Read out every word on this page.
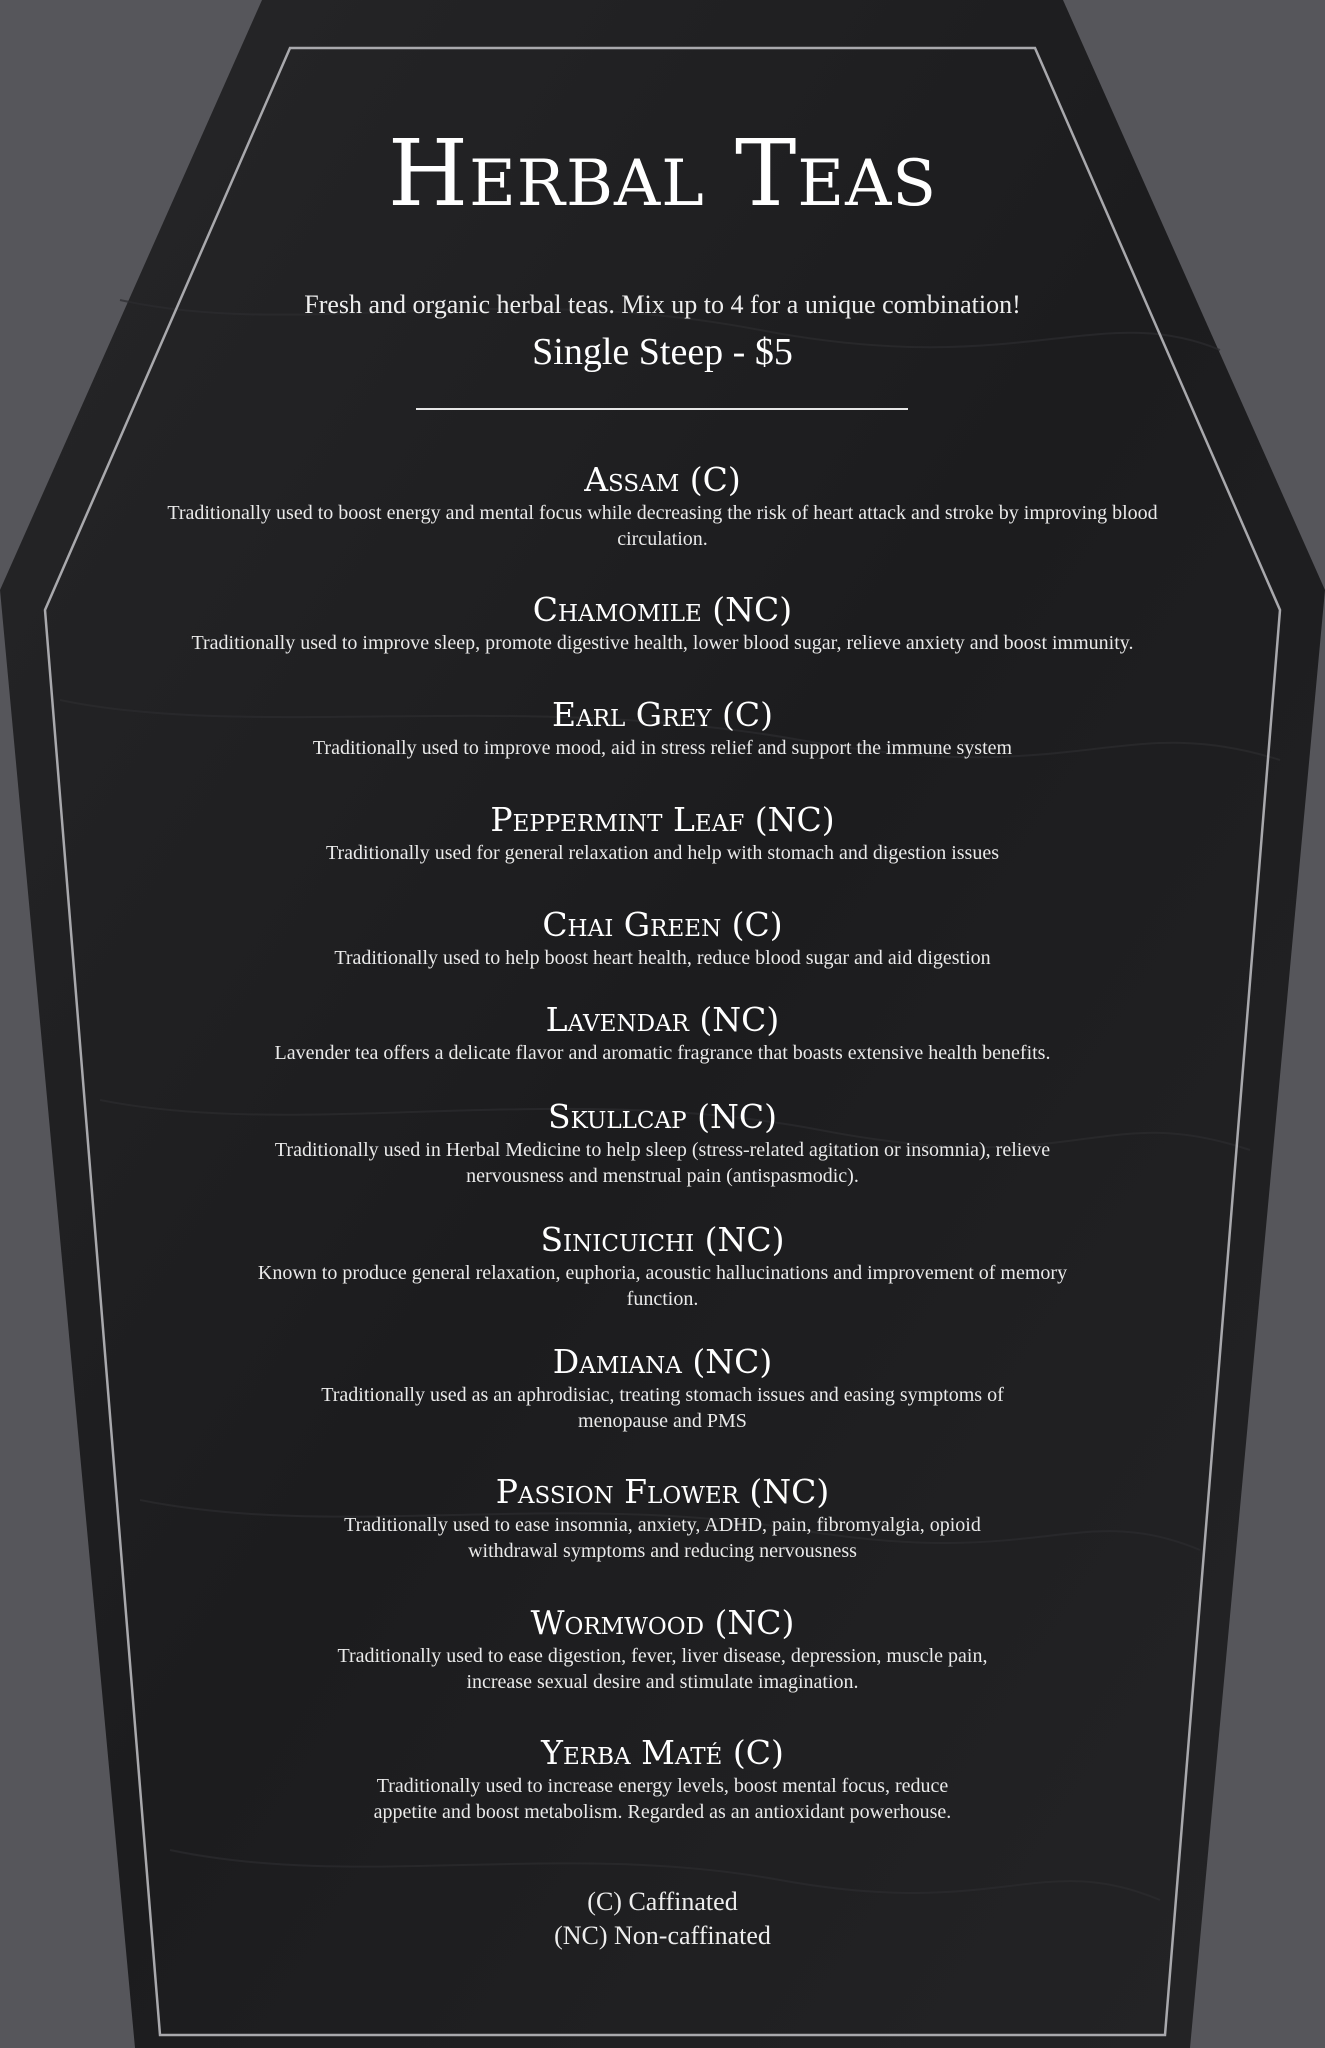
Herbal Teas
Fresh and organic herbal teas. Mix up to 4 for a unique combination!
Single Steep - $5
Assam (C)
Traditionally used to boost energy and mental focus while decreasing the risk of heart attack and stroke by improving blood circulation.
Chamomile (NC)
Traditionally used to improve sleep, promote digestive health, lower blood sugar, relieve anxiety and boost immunity.
Earl Grey (C)
Traditionally used to improve mood, aid in stress relief and support the immune system
Peppermint Leaf (NC)
Traditionally used for general relaxation and help with stomach and digestion issues
Chai Green (C)
Traditionally used to help boost heart health, reduce blood sugar and aid digestion
Lavendar (NC)
Lavender tea offers a delicate flavor and aromatic fragrance that boasts extensive health benefits.
Skullcap (NC)
Traditionally used in Herbal Medicine to help sleep (stress-related agitation or insomnia), relieve nervousness and menstrual pain (antispasmodic).
Sinicuichi (NC)
Known to produce general relaxation, euphoria, acoustic hallucinations and improvement of memory function.
Damiana (NC)
Traditionally used as an aphrodisiac, treating stomach issues and easing symptoms of menopause and PMS
Passion Flower (NC)
Traditionally used to ease insomnia, anxiety, ADHD, pain, fibromyalgia, opioid withdrawal symptoms and reducing nervousness
Wormwood (NC)
Traditionally used to ease digestion, fever, liver disease, depression, muscle pain, increase sexual desire and stimulate imagination.
Yerba Maté (C)
Traditionally used to increase energy levels, boost mental focus, reduce appetite and boost metabolism. Regarded as an antioxidant powerhouse.
(C) Caffinated
(NC) Non-caffinated
